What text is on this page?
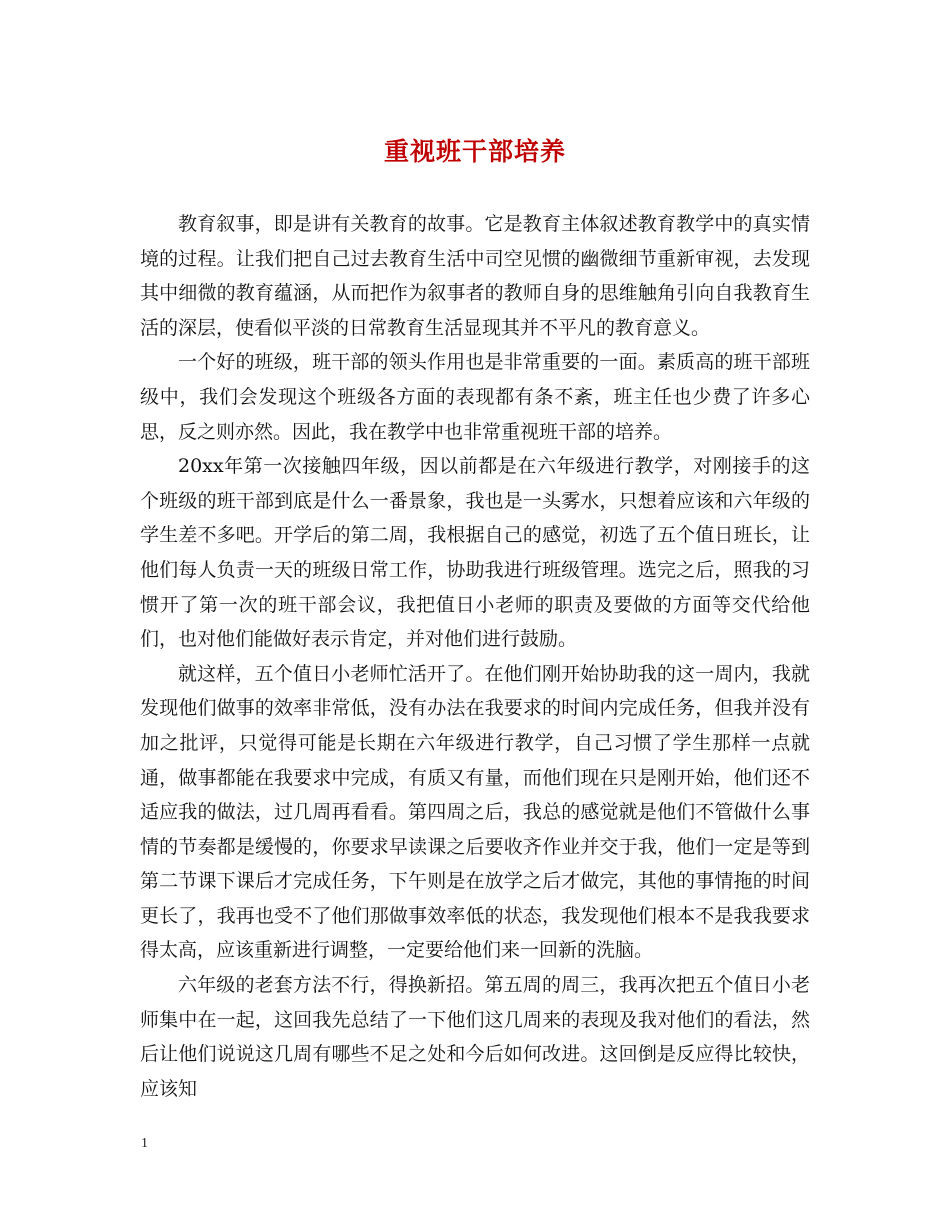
重视班干部培养

教育叙事，即是讲有关教育的故事。它是教育主体叙述教育教学中的真实情境的过程。让我们把自己过去教育生活中司空见惯的幽微细节重新审视，去发现其中细微的教育蕴涵，从而把作为叙事者的教师自身的思维触角引向自我教育生活的深层，使看似平淡的日常教育生活显现其并不平凡的教育意义。

一个好的班级，班干部的领头作用也是非常重要的一面。素质高的班干部班级中，我们会发现这个班级各方面的表现都有条不紊，班主任也少费了许多心思，反之则亦然。因此，我在教学中也非常重视班干部的培养。

20xx年第一次接触四年级，因以前都是在六年级进行教学，对刚接手的这个班级的班干部到底是什么一番景象，我也是一头雾水，只想着应该和六年级的学生差不多吧。开学后的第二周，我根据自己的感觉，初选了五个值日班长，让他们每人负责一天的班级日常工作，协助我进行班级管理。选完之后，照我的习惯开了第一次的班干部会议，我把值日小老师的职责及要做的方面等交代给他们，也对他们能做好表示肯定，并对他们进行鼓励。

就这样，五个值日小老师忙活开了。在他们刚开始协助我的这一周内，我就发现他们做事的效率非常低，没有办法在我要求的时间内完成任务，但我并没有加之批评，只觉得可能是长期在六年级进行教学，自己习惯了学生那样一点就通，做事都能在我要求中完成，有质又有量，而他们现在只是刚开始，他们还不适应我的做法，过几周再看看。第四周之后，我总的感觉就是他们不管做什么事情的节奏都是缓慢的，你要求早读课之后要收齐作业并交于我，他们一定是等到第二节课下课后才完成任务，下午则是在放学之后才做完，其他的事情拖的时间更长了，我再也受不了他们那做事效率低的状态，我发现他们根本不是我我要求得太高，应该重新进行调整，一定要给他们来一回新的洗脑。

六年级的老套方法不行，得换新招。第五周的周三，我再次把五个值日小老师集中在一起，这回我先总结了一下他们这几周来的表现及我对他们的看法，然后让他们说说这几周有哪些不足之处和今后如何改进。这回倒是反应得比较快，应该知

1
